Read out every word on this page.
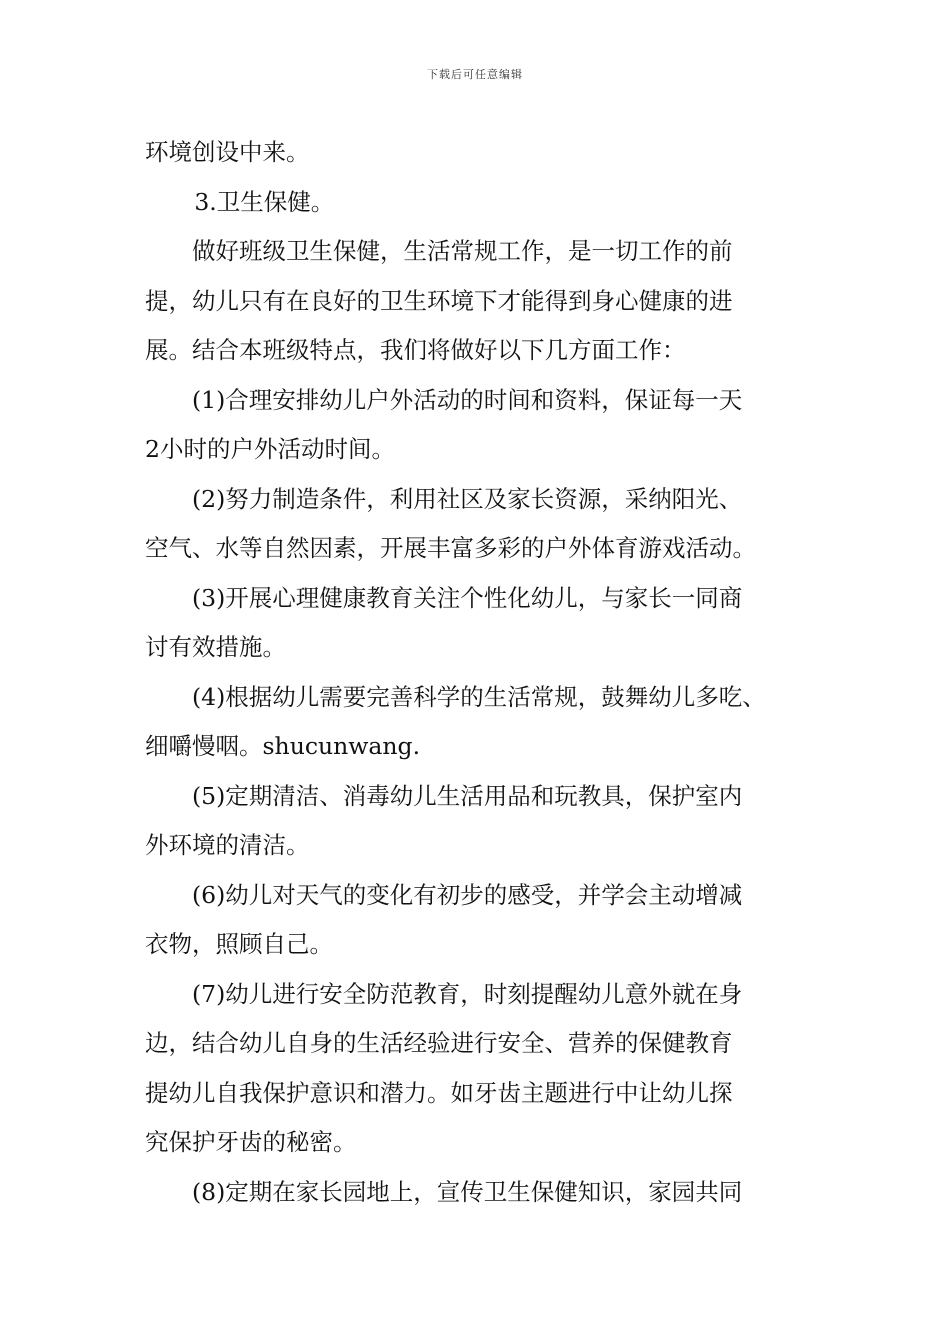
下载后可任意编辑

环境创设中来。

3.卫生保健。

做好班级卫生保健，生活常规工作，是一切工作的前
提，幼儿只有在良好的卫生环境下才能得到身心健康的进
展。结合本班级特点，我们将做好以下几方面工作：

(1)合理安排幼儿户外活动的时间和资料，保证每一天
2小时的户外活动时间。

(2)努力制造条件，利用社区及家长资源，采纳阳光、
空气、水等自然因素，开展丰富多彩的户外体育游戏活动。

(3)开展心理健康教育关注个性化幼儿，与家长一同商
讨有效措施。

(4)根据幼儿需要完善科学的生活常规，鼓舞幼儿多吃、
细嚼慢咽。shucunwang.

(5)定期清洁、消毒幼儿生活用品和玩教具，保护室内
外环境的清洁。

(6)幼儿对天气的变化有初步的感受，并学会主动增减
衣物，照顾自己。

(7)幼儿进行安全防范教育，时刻提醒幼儿意外就在身
边，结合幼儿自身的生活经验进行安全、营养的保健教育
提幼儿自我保护意识和潜力。如牙齿主题进行中让幼儿探
究保护牙齿的秘密。

(8)定期在家长园地上，宣传卫生保健知识，家园共同
